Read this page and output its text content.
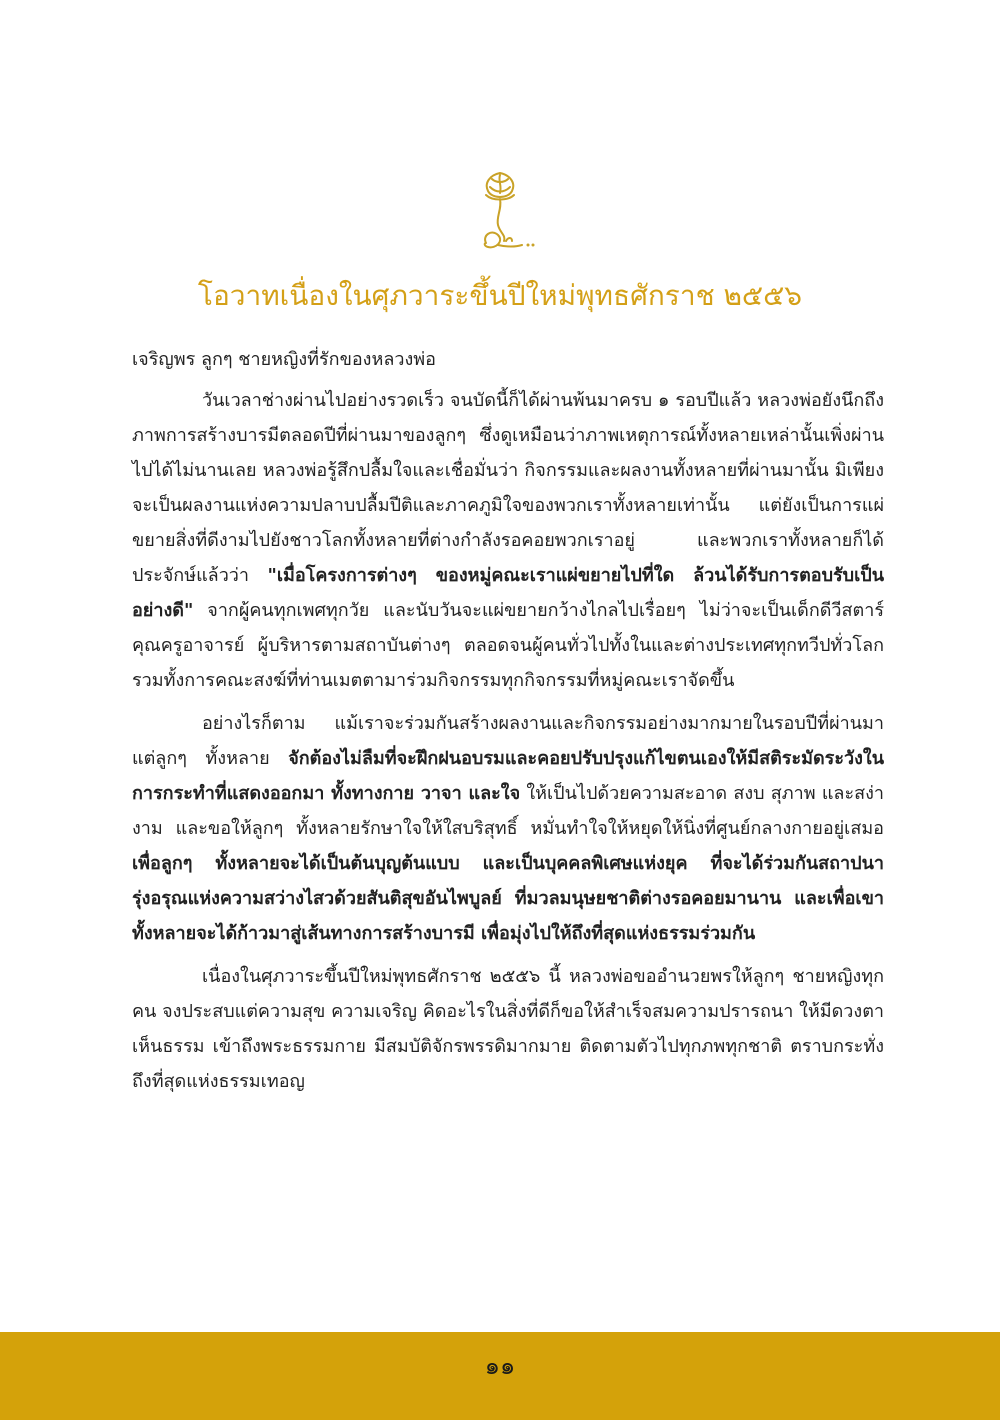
โอวาทเนื่องในศุภวาระขึ้นปีใหม่พุทธศักราช ๒๕๕๖

เจริญพร ลูกๆ ชายหญิงที่รักของหลวงพ่อ

วันเวลาช่างผ่านไปอย่างรวดเร็ว จนบัดนี้ก็ได้ผ่านพ้นมาครบ ๑ รอบปีแล้ว หลวงพ่อยังนึกถึงภาพการสร้างบารมีตลอดปีที่ผ่านมาของลูกๆ ซึ่งดูเหมือนว่าภาพเหตุการณ์ทั้งหลายเหล่านั้นเพิ่งผ่านไปได้ไม่นานเลย หลวงพ่อรู้สึกปลื้มใจและเชื่อมั่นว่า กิจกรรมและผลงานทั้งหลายที่ผ่านมานั้น มิเพียงจะเป็นผลงานแห่งความปลาบปลื้มปีติและภาคภูมิใจของพวกเราทั้งหลายเท่านั้น แต่ยังเป็นการแผ่ขยายสิ่งที่ดีงามไปยังชาวโลกทั้งหลายที่ต่างกำลังรอคอยพวกเราอยู่ และพวกเราทั้งหลายก็ได้ประจักษ์แล้วว่า "เมื่อโครงการต่างๆ ของหมู่คณะเราแผ่ขยายไปที่ใด ล้วนได้รับการตอบรับเป็นอย่างดี" จากผู้คนทุกเพศทุกวัย และนับวันจะแผ่ขยายกว้างไกลไปเรื่อยๆ ไม่ว่าจะเป็นเด็กดีวีสตาร์ คุณครูอาจารย์ ผู้บริหารตามสถาบันต่างๆ ตลอดจนผู้คนทั่วไปทั้งในและต่างประเทศทุกทวีปทั่วโลก รวมทั้งการคณะสงฆ์ที่ท่านเมตตามาร่วมกิจกรรมทุกกิจกรรมที่หมู่คณะเราจัดขึ้น

อย่างไรก็ตาม แม้เราจะร่วมกันสร้างผลงานและกิจกรรมอย่างมากมายในรอบปีที่ผ่านมา แต่ลูกๆ ทั้งหลาย จักต้องไม่ลืมที่จะฝึกฝนอบรมและคอยปรับปรุงแก้ไขตนเองให้มีสติระมัดระวังในการกระทำที่แสดงออกมา ทั้งทางกาย วาจา และใจ ให้เป็นไปด้วยความสะอาด สงบ สุภาพ และสง่างาม และขอให้ลูกๆ ทั้งหลายรักษาใจให้ใสบริสุทธิ์ หมั่นทำใจให้หยุดให้นิ่งที่ศูนย์กลางกายอยู่เสมอ เพื่อลูกๆ ทั้งหลายจะได้เป็นต้นบุญต้นแบบ และเป็นบุคคลพิเศษแห่งยุค ที่จะได้ร่วมกันสถาปนารุ่งอรุณแห่งความสว่างไสวด้วยสันติสุขอันไพบูลย์ ที่มวลมนุษยชาติต่างรอคอยมานาน และเพื่อเขาทั้งหลายจะได้ก้าวมาสู่เส้นทางการสร้างบารมี เพื่อมุ่งไปให้ถึงที่สุดแห่งธรรมร่วมกัน

เนื่องในศุภวาระขึ้นปีใหม่พุทธศักราช ๒๕๕๖ นี้ หลวงพ่อขออำนวยพรให้ลูกๆ ชายหญิงทุกคน จงประสบแต่ความสุข ความเจริญ คิดอะไรในสิ่งที่ดีก็ขอให้สำเร็จสมความปรารถนา ให้มีดวงตาเห็นธรรม เข้าถึงพระธรรมกาย มีสมบัติจักรพรรดิมากมาย ติดตามตัวไปทุกภพทุกชาติ ตราบกระทั่งถึงที่สุดแห่งธรรมเทอญ

๑๑
